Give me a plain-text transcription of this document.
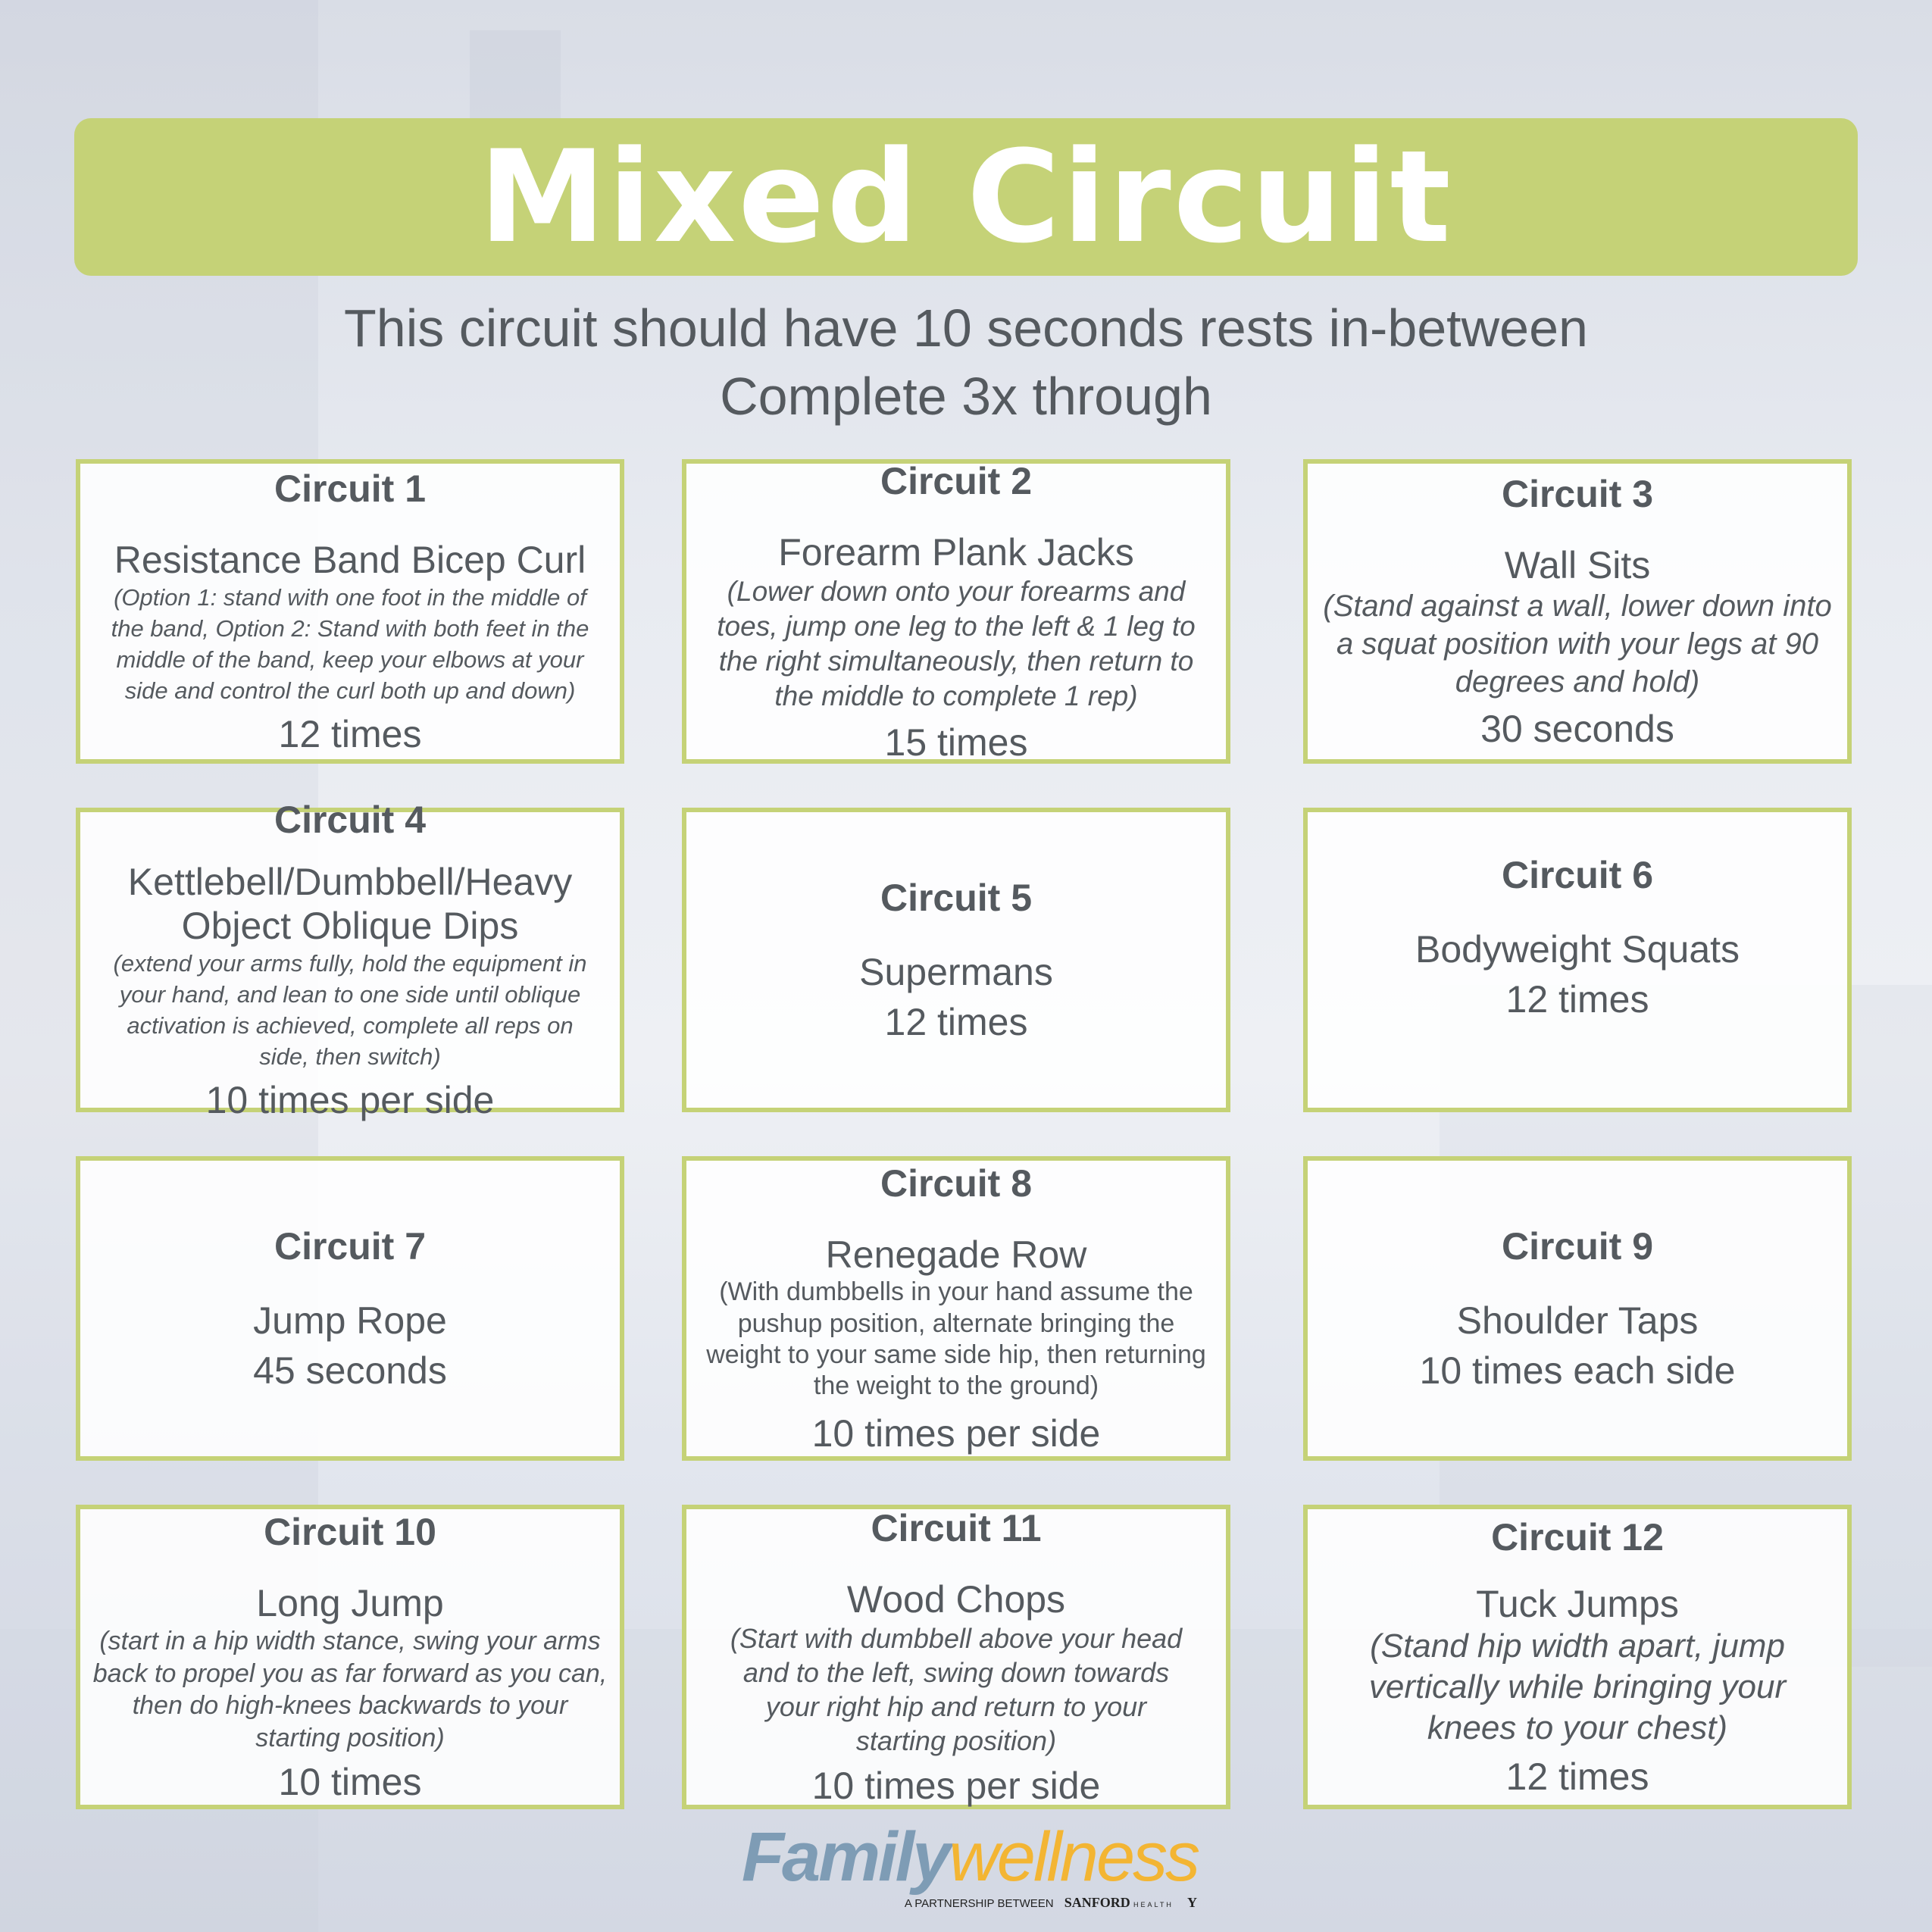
Mixed Circuit
This circuit should have 10 seconds rests in-between
Complete 3x through
Circuit 1
Resistance Band Bicep Curl
(Option 1: stand with one foot in the middle of the band, Option 2: Stand with both feet in the middle of the band, keep your elbows at your side and control the curl both up and down)
12 times
Circuit 2
Forearm Plank Jacks
(Lower down onto your forearms and toes, jump one leg to the left & 1 leg to the right simultaneously, then return to the middle to complete 1 rep)
15 times
Circuit 3
Wall Sits
(Stand against a wall, lower down into a squat position with your legs at 90 degrees and hold)
30 seconds
Circuit 4
Kettlebell/Dumbbell/Heavy Object Oblique Dips
(extend your arms fully, hold the equipment in your hand, and lean to one side until oblique activation is achieved, complete all reps on side, then switch)
10 times per side
Circuit 5
Supermans
12 times
Circuit 6
Bodyweight Squats
12 times
Circuit 7
Jump Rope
45 seconds
Circuit 8
Renegade Row
(With dumbbells in your hand assume the pushup position, alternate bringing the weight to your same side hip, then returning the weight to the ground)
10 times per side
Circuit 9
Shoulder Taps
10 times each side
Circuit 10
Long Jump
(start in a hip width stance, swing your arms back to propel you as far forward as you can, then do high-knees backwards to your starting position)
10 times
Circuit 11
Wood Chops
(Start with dumbbell above your head and to the left, swing down towards your right hip and return to your starting position)
10 times per side
Circuit 12
Tuck Jumps
(Stand hip width apart, jump vertically while bringing your knees to your chest)
12 times
Familywellness
A PARTNERSHIP BETWEEN SANFORD HEALTH Y
